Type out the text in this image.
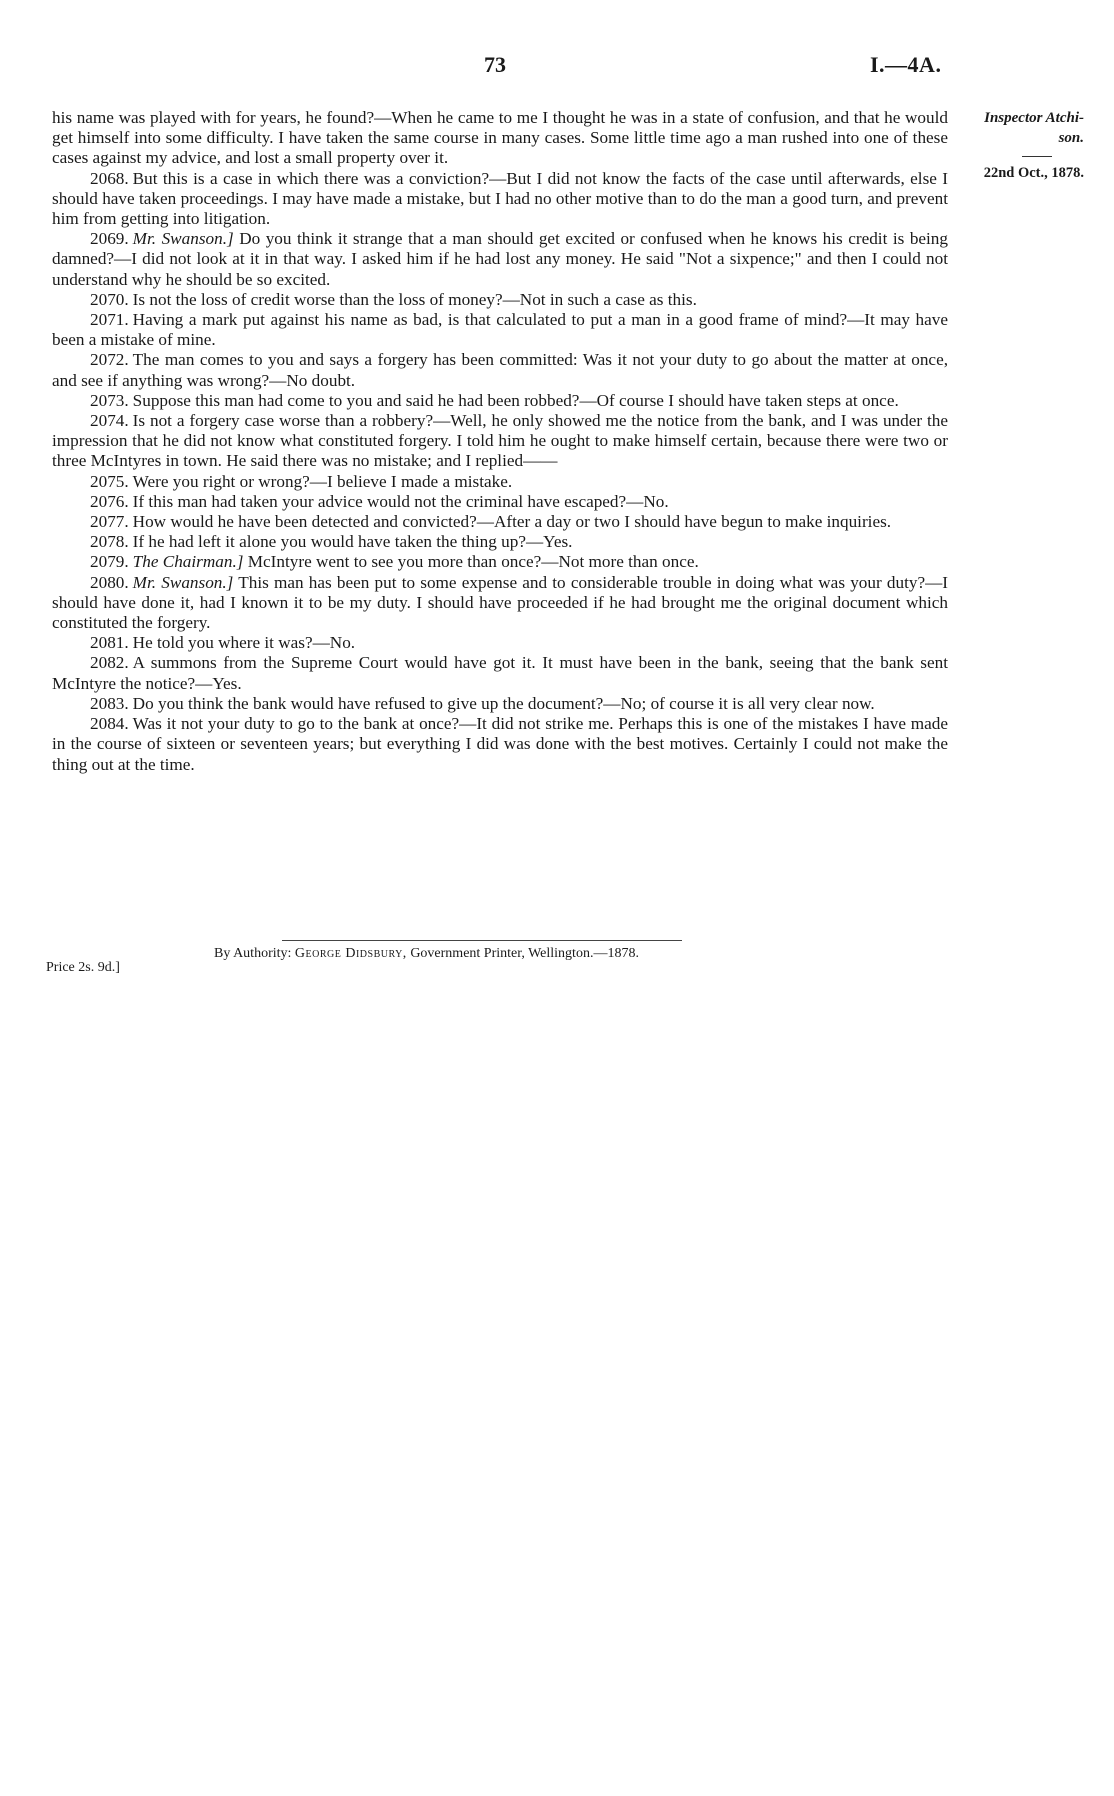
73	I.—4A.
Inspector Atchi-
son.
22nd Oct., 1878.

his name was played with for years, he found?—When he came to me I thought he was in a state of confusion, and that he would get himself into some difficulty. I have taken the same course in many cases. Some little time ago a man rushed into one of these cases against my advice, and lost a small property over it.

2068. But this is a case in which there was a conviction?—But I did not know the facts of the case until afterwards, else I should have taken proceedings. I may have made a mistake, but I had no other motive than to do the man a good turn, and prevent him from getting into litigation.

2069. Mr. Swanson.] Do you think it strange that a man should get excited or confused when he knows his credit is being damned?—I did not look at it in that way. I asked him if he had lost any money. He said "Not a sixpence;" and then I could not understand why he should be so excited.

2070. Is not the loss of credit worse than the loss of money?—Not in such a case as this.

2071. Having a mark put against his name as bad, is that calculated to put a man in a good frame of mind?—It may have been a mistake of mine.

2072. The man comes to you and says a forgery has been committed: Was it not your duty to go about the matter at once, and see if anything was wrong?—No doubt.

2073. Suppose this man had come to you and said he had been robbed?—Of course I should have taken steps at once.

2074. Is not a forgery case worse than a robbery?—Well, he only showed me the notice from the bank, and I was under the impression that he did not know what constituted forgery. I told him he ought to make himself certain, because there were two or three McIntyres in town. He said there was no mistake; and I replied——

2075. Were you right or wrong?—I believe I made a mistake.

2076. If this man had taken your advice would not the criminal have escaped?—No.

2077. How would he have been detected and convicted?—After a day or two I should have begun to make inquiries.

2078. If he had left it alone you would have taken the thing up?—Yes.

2079. The Chairman.] McIntyre went to see you more than once?—Not more than once.

2080. Mr. Swanson.] This man has been put to some expense and to considerable trouble in doing what was your duty?—I should have done it, had I known it to be my duty. I should have proceeded if he had brought me the original document which constituted the forgery.

2081. He told you where it was?—No.

2082. A summons from the Supreme Court would have got it. It must have been in the bank, seeing that the bank sent McIntyre the notice?—Yes.

2083. Do you think the bank would have refused to give up the document?—No; of course it is all very clear now.

2084. Was it not your duty to go to the bank at once?—It did not strike me. Perhaps this is one of the mistakes I have made in the course of sixteen or seventeen years; but everything I did was done with the best motives. Certainly I could not make the thing out at the time.

Price 2s. 9d.]
By Authority: George Didsbury, Government Printer, Wellington.—1878.
